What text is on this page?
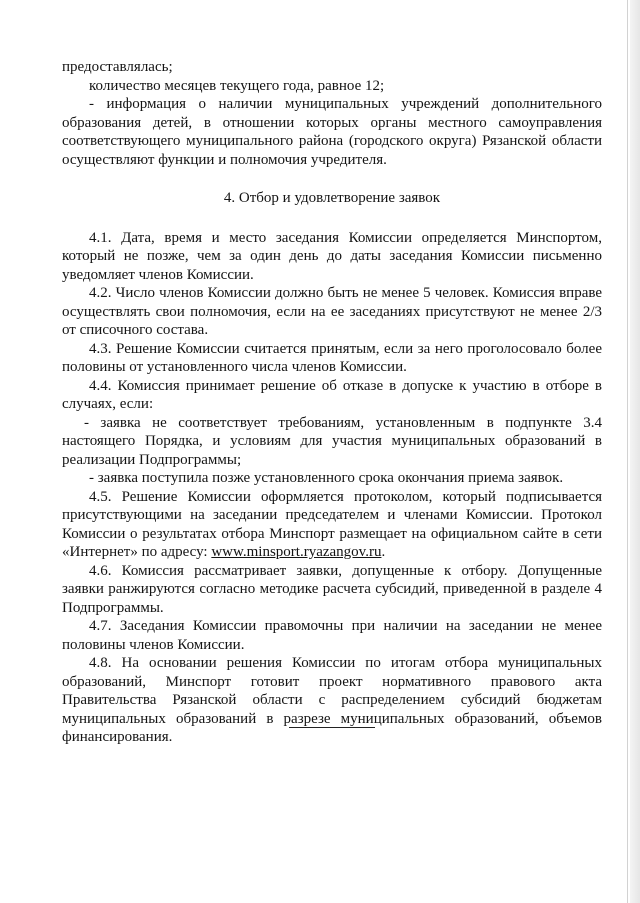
предоставлялась;

количество месяцев текущего года, равное 12;

- информация о наличии муниципальных учреждений дополнительного образования детей, в отношении которых органы местного самоуправления соответствующего муниципального района (городского округа) Рязанской области осуществляют функции и полномочия учредителя.

4. Отбор и удовлетворение заявок

4.1. Дата, время и место заседания Комиссии определяется Минспортом, который не позже, чем за один день до даты заседания Комиссии письменно уведомляет членов Комиссии.

4.2. Число членов Комиссии должно быть не менее 5 человек. Комиссия вправе осуществлять свои полномочия, если на ее заседаниях присутствуют не менее 2/3 от списочного состава.

4.3. Решение Комиссии считается принятым, если за него проголосовало более половины от установленного числа членов Комиссии.

4.4. Комиссия принимает решение об отказе в допуске к участию в отборе в случаях, если:

- заявка не соответствует требованиям, установленным в подпункте 3.4 настоящего Порядка, и условиям для участия муниципальных образований в реализации Подпрограммы;

- заявка поступила позже установленного срока окончания приема заявок.

4.5. Решение Комиссии оформляется протоколом, который подписывается присутствующими на заседании председателем и членами Комиссии. Протокол Комиссии о результатах отбора Минспорт размещает на официальном сайте в сети «Интернет» по адресу: www.minsport.ryazangov.ru.

4.6. Комиссия рассматривает заявки, допущенные к отбору. Допущенные заявки ранжируются согласно методике расчета субсидий, приведенной в разделе 4 Подпрограммы.

4.7. Заседания Комиссии правомочны при наличии на заседании не менее половины членов Комиссии.

4.8. На основании решения Комиссии по итогам отбора муниципальных образований, Минспорт готовит проект нормативного правового акта Правительства Рязанской области с распределением субсидий бюджетам муниципальных образований в разрезе муниципальных образований, объемов финансирования.
